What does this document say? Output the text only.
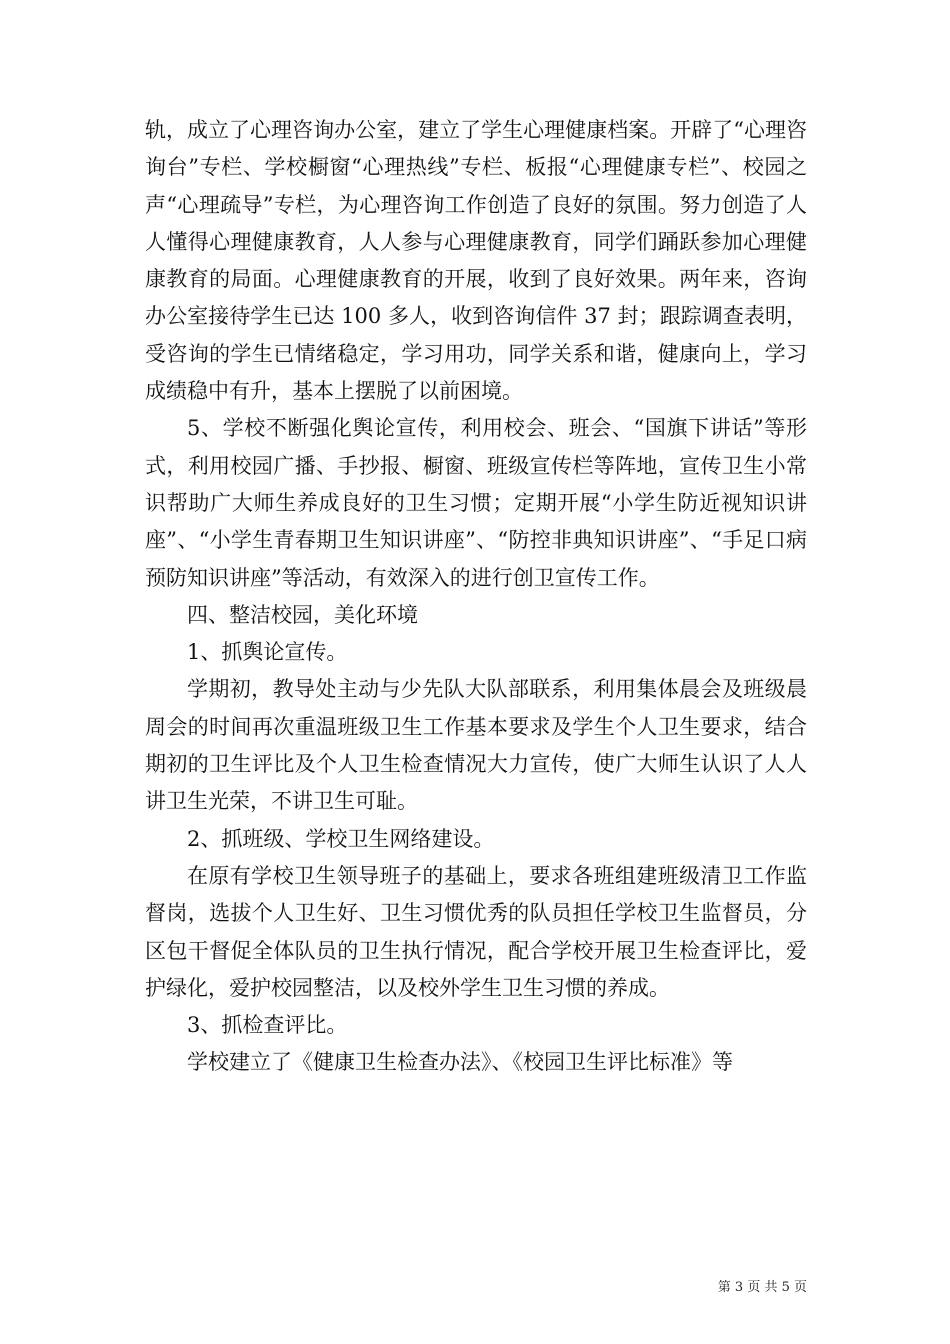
轨，成立了心理咨询办公室，建立了学生心理健康档案。开辟了“心理咨询台”专栏、学校橱窗“心理热线”专栏、板报“心理健康专栏”、校园之声“心理疏导”专栏，为心理咨询工作创造了良好的氛围。努力创造了人人懂得心理健康教育，人人参与心理健康教育，同学们踊跃参加心理健康教育的局面。心理健康教育的开展，收到了良好效果。两年来，咨询办公室接待学生已达 100 多人，收到咨询信件 37 封；跟踪调查表明，受咨询的学生已情绪稳定，学习用功，同学关系和谐，健康向上，学习成绩稳中有升，基本上摆脱了以前困境。

5、学校不断强化舆论宣传，利用校会、班会、“国旗下讲话”等形式，利用校园广播、手抄报、橱窗、班级宣传栏等阵地，宣传卫生小常识帮助广大师生养成良好的卫生习惯；定期开展“小学生防近视知识讲座”、“小学生青春期卫生知识讲座”、“防控非典知识讲座”、“手足口病预防知识讲座”等活动，有效深入的进行创卫宣传工作。

四、整洁校园，美化环境

1、抓舆论宣传。

学期初，教导处主动与少先队大队部联系，利用集体晨会及班级晨周会的时间再次重温班级卫生工作基本要求及学生个人卫生要求，结合期初的卫生评比及个人卫生检查情况大力宣传，使广大师生认识了人人讲卫生光荣，不讲卫生可耻。

2、抓班级、学校卫生网络建设。

在原有学校卫生领导班子的基础上，要求各班组建班级清卫工作监督岗，选拔个人卫生好、卫生习惯优秀的队员担任学校卫生监督员，分区包干督促全体队员的卫生执行情况，配合学校开展卫生检查评比，爱护绿化，爱护校园整洁，以及校外学生卫生习惯的养成。

3、抓检查评比。

学校建立了《健康卫生检查办法》、《校园卫生评比标准》等

第 3 页 共 5 页
